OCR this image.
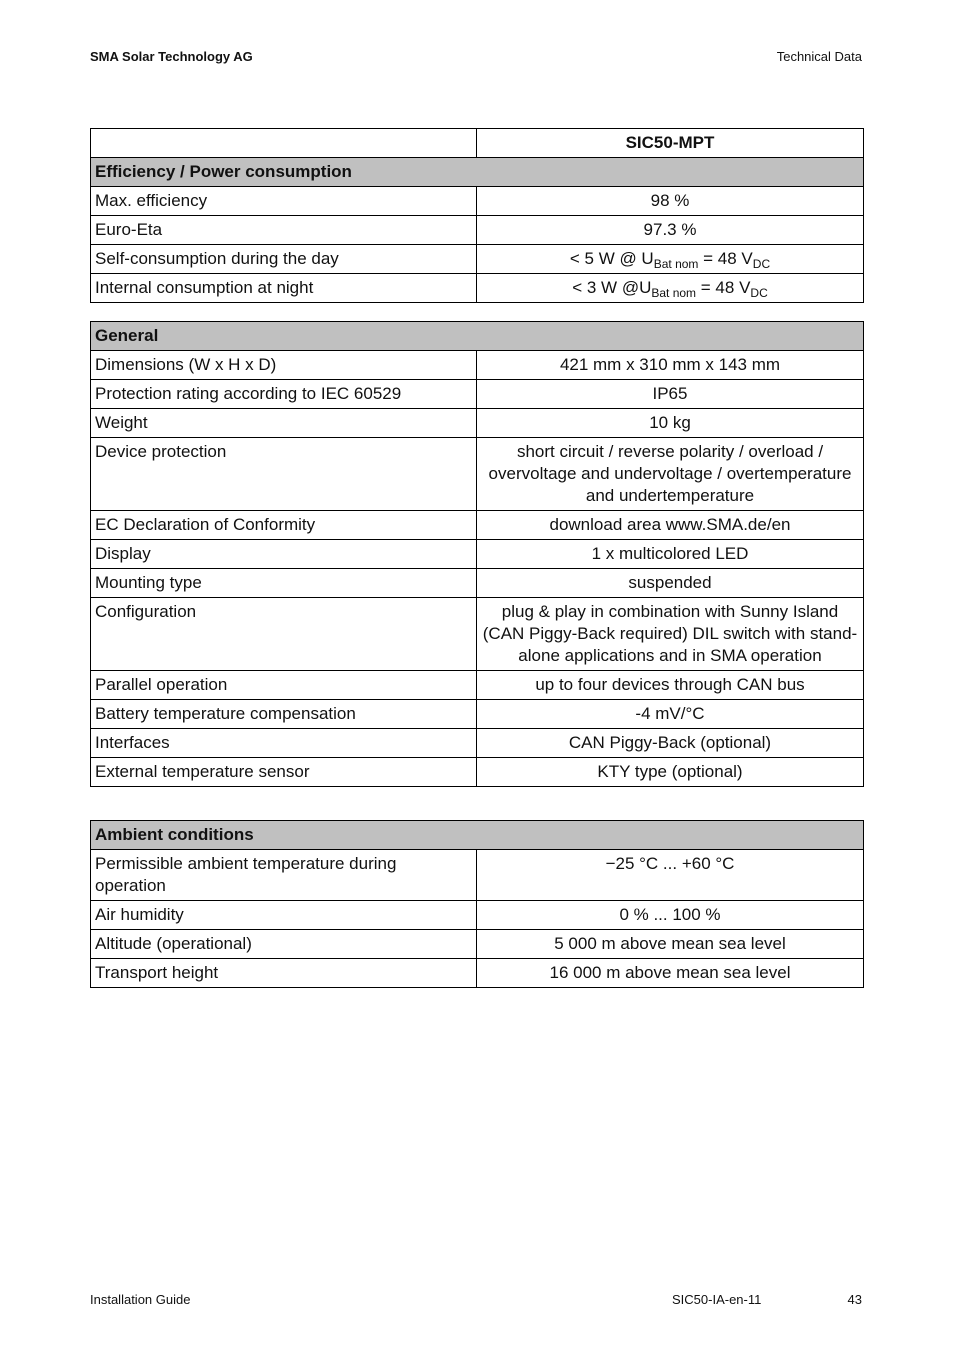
SMA Solar Technology AG	Technical Data
	SIC50-MPT
Efficiency / Power consumption	
Max. efficiency	98 %
Euro-Eta	97.3 %
Self-consumption during the day	< 5 W @ $U_{Bat nom} = 48$ $V_{DC}$
Internal consumption at night	< 3 W $@U_{Bat nom} = 48$ $V_{DC}$
General	
Dimensions (W x H x D)	421 mm x 310 mm x 143 mm
Protection rating according to IEC 60529	IP65
Weight	10 kg
Device protection	short circuit / reverse polarity / overload / overvoltage and undervoltage / overtemperature and undertemperature
EC Declaration of Conformity	download area www.SMA.de/en
Display	1 x multicolored LED
Mounting type	suspended
Configuration	plug & play in combination with Sunny Island (CAN Piggy-Back required) DIL switch with stand-alone applications and in SMA operation
Parallel operation	up to four devices through CAN bus
Battery temperature compensation	-4 mV/°C
Interfaces	CAN Piggy-Back (optional)
External temperature sensor	KTY type (optional)
Ambient conditions	
Permissible ambient temperature during operation	−25 °C ... +60 °C
Air humidity	0 % ... 100 %
Altitude (operational)	5 000 m above mean sea level
Transport height	16 000 m above mean sea level
Installation Guide	SIC50-IA-en-11	43
